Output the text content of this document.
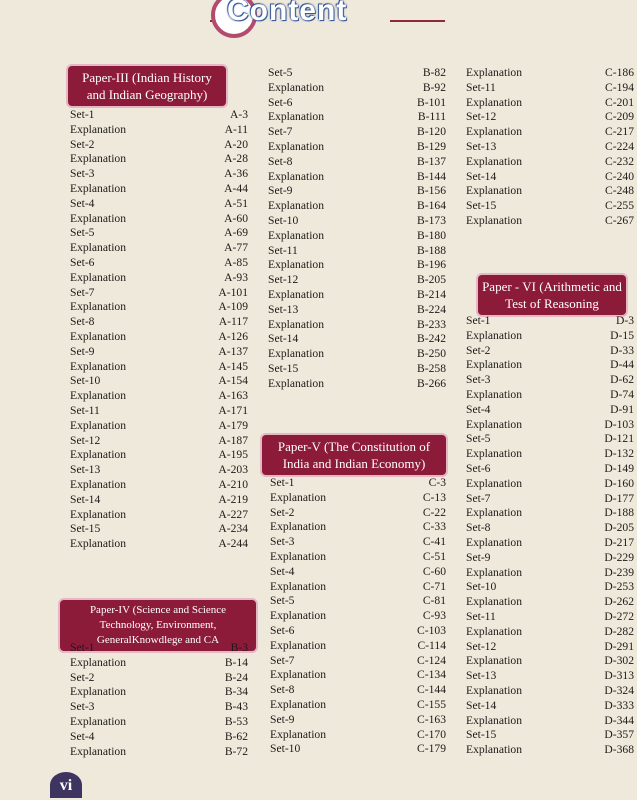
Content
Paper-III (Indian History and Indian Geography)
Set-1	A-3
Explanation	A-11
Set-2	A-20
Explanation	A-28
Set-3	A-36
Explanation	A-44
Set-4	A-51
Explanation	A-60
Set-5	A-69
Explanation	A-77
Set-6	A-85
Explanation	A-93
Set-7	A-101
Explanation	A-109
Set-8	A-117
Explanation	A-126
Set-9	A-137
Explanation	A-145
Set-10	A-154
Explanation	A-163
Set-11	A-171
Explanation	A-179
Set-12	A-187
Explanation	A-195
Set-13	A-203
Explanation	A-210
Set-14	A-219
Explanation	A-227
Set-15	A-234
Explanation	A-244
Paper-IV (Science and Science Technology, Environment, GeneralKnowdlege and CA
Set-1	B-3
Explanation	B-14
Set-2	B-24
Explanation	B-34
Set-3	B-43
Explanation	B-53
Set-4	B-62
Explanation	B-72
Set-5	B-82
Explanation	B-92
Set-6	B-101
Explanation	B-111
Set-7	B-120
Explanation	B-129
Set-8	B-137
Explanation	B-144
Set-9	B-156
Explanation	B-164
Set-10	B-173
Explanation	B-180
Set-11	B-188
Explanation	B-196
Set-12	B-205
Explanation	B-214
Set-13	B-224
Explanation	B-233
Set-14	B-242
Explanation	B-250
Set-15	B-258
Explanation	B-266
Paper-V (The Constitution of India and Indian Economy)
Set-1	C-3
Explanation	C-13
Set-2	C-22
Explanation	C-33
Set-3	C-41
Explanation	C-51
Set-4	C-60
Explanation	C-71
Set-5	C-81
Explanation	C-93
Set-6	C-103
Explanation	C-114
Set-7	C-124
Explanation	C-134
Set-8	C-144
Explanation	C-155
Set-9	C-163
Explanation	C-170
Set-10	C-179
Explanation	C-186
Set-11	C-194
Explanation	C-201
Set-12	C-209
Explanation	C-217
Set-13	C-224
Explanation	C-232
Set-14	C-240
Explanation	C-248
Set-15	C-255
Explanation	C-267
Paper - VI (Arithmetic and Test of Reasoning
Set-1	D-3
Explanation	D-15
Set-2	D-33
Explanation	D-44
Set-3	D-62
Explanation	D-74
Set-4	D-91
Explanation	D-103
Set-5	D-121
Explanation	D-132
Set-6	D-149
Explanation	D-160
Set-7	D-177
Explanation	D-188
Set-8	D-205
Explanation	D-217
Set-9	D-229
Explanation	D-239
Set-10	D-253
Explanation	D-262
Set-11	D-272
Explanation	D-282
Set-12	D-291
Explanation	D-302
Set-13	D-313
Explanation	D-324
Set-14	D-333
Explanation	D-344
Set-15	D-357
Explanation	D-368
vi
